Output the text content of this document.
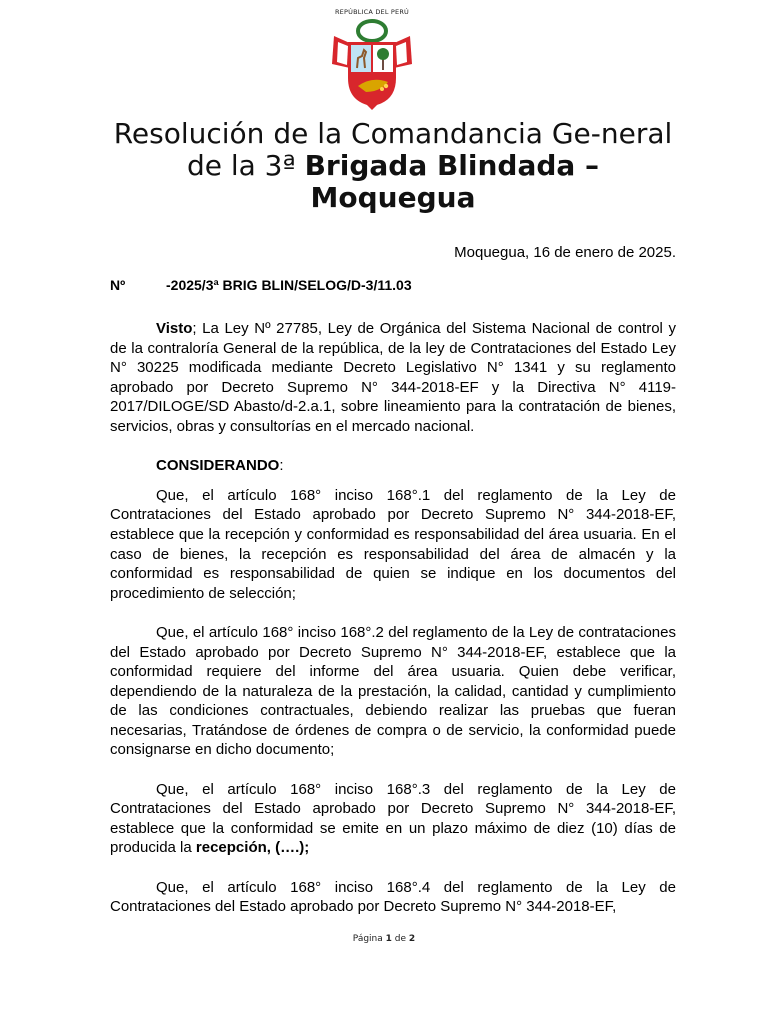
REPÚBLICA DEL PERÚ
Resolución de la Comandancia Ge-neral de la 3ª Brigada Blindada – Moquegua
Moquegua, 16 de enero de 2025.
Nº	-2025/3ª BRIG BLIN/SELOG/D-3/11.03

Visto; La Ley Nº 27785, Ley de Orgánica del Sistema Nacional de control y de la contraloría General de la república, de la ley de Contrataciones del Estado Ley N° 30225 modificada mediante Decreto Legislativo N° 1341 y su reglamento aprobado por Decreto Supremo N° 344-2018-EF y la Directiva N° 4119-2017/DILOGE/SD Abasto/d-2.a.1, sobre lineamiento para la contratación de bienes, servicios, obras y consultorías en el mercado nacional.

CONSIDERANDO:

Que, el artículo 168° inciso 168°.1 del reglamento de la Ley de Contrataciones del Estado aprobado por Decreto Supremo N° 344-2018-EF, establece que la recepción y conformidad es responsabilidad del área usuaria. En el caso de bienes, la recepción es responsabilidad del área de almacén y la conformidad es responsabilidad de quien se indique en los documentos del procedimiento de selección;

Que, el artículo 168° inciso 168°.2 del reglamento de la Ley de contrataciones del Estado aprobado por Decreto Supremo N° 344-2018-EF, establece que la conformidad requiere del informe del área usuaria. Quien debe verificar, dependiendo de la naturaleza de la prestación, la calidad, cantidad y cumplimiento de las condiciones contractuales, debiendo realizar las pruebas que fueran necesarias, Tratándose de órdenes de compra o de servicio, la conformidad puede consignarse en dicho documento;

Que, el artículo 168° inciso 168°.3 del reglamento de la Ley de Contrataciones del Estado aprobado por Decreto Supremo N° 344-2018-EF, establece que la conformidad se emite en un plazo máximo de diez (10) días de producida la recepción, (….);

Que, el artículo 168° inciso 168°.4 del reglamento de la Ley de Contrataciones del Estado aprobado por Decreto Supremo N° 344-2018-EF,

Página 1 de 2
